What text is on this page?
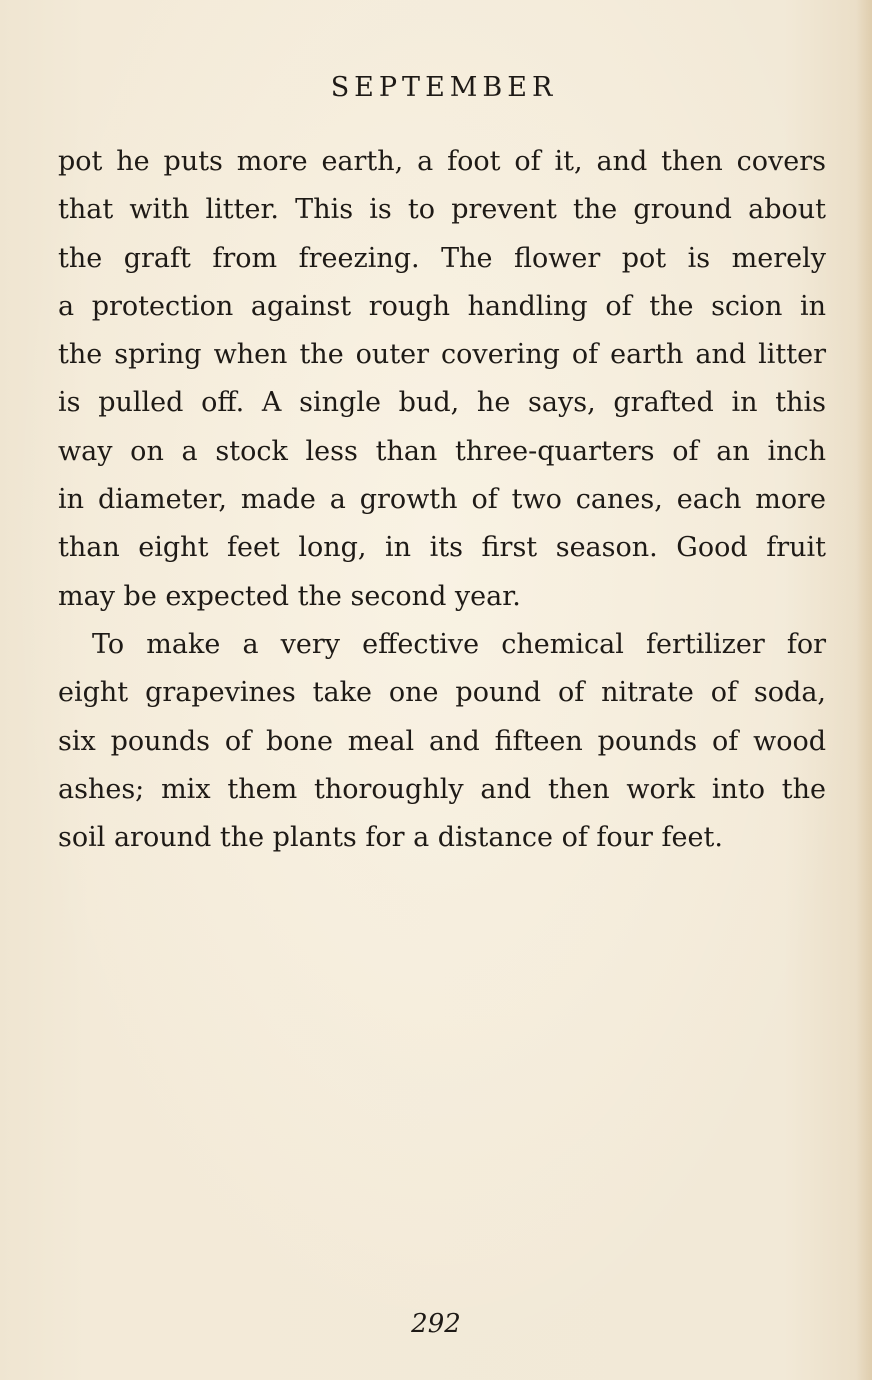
SEPTEMBER
pot he puts more earth, a foot of it, and then covers
that with litter. This is to prevent the ground about
the graft from freezing. The flower pot is merely
a protection against rough handling of the scion in
the spring when the outer covering of earth and litter
is pulled off. A single bud, he says, grafted in this
way on a stock less than three-quarters of an inch
in diameter, made a growth of two canes, each more
than eight feet long, in its first season. Good fruit
may be expected the second year.
To make a very effective chemical fertilizer for
eight grapevines take one pound of nitrate of soda,
six pounds of bone meal and fifteen pounds of wood
ashes; mix them thoroughly and then work into the
soil around the plants for a distance of four feet.
292
